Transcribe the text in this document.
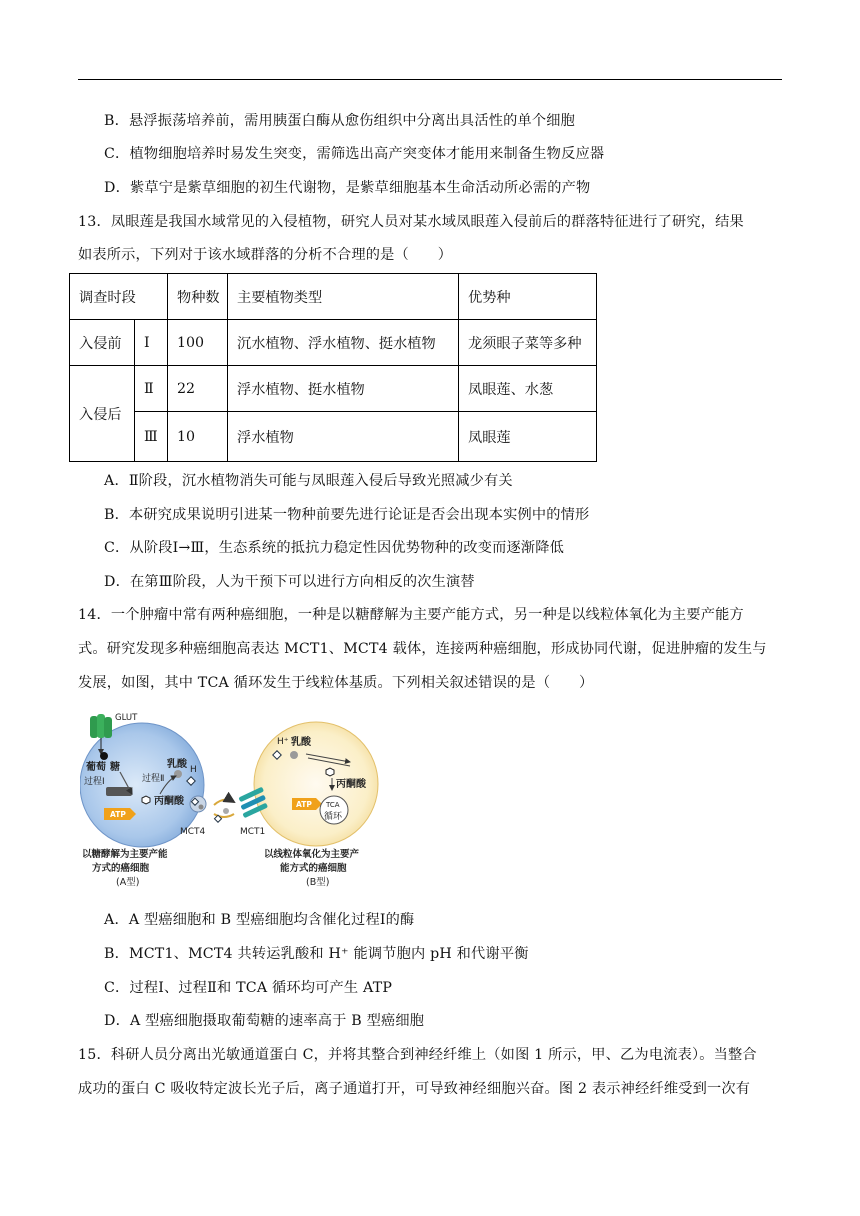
B．悬浮振荡培养前，需用胰蛋白酶从愈伤组织中分离出具活性的单个细胞
C．植物细胞培养时易发生突变，需筛选出高产突变体才能用来制备生物反应器
D．紫草宁是紫草细胞的初生代谢物，是紫草细胞基本生命活动所必需的产物
13．凤眼莲是我国水域常见的入侵植物，研究人员对某水域凤眼莲入侵前后的群落特征进行了研究，结果
如表所示，下列对于该水域群落的分析不合理的是（　　）
调查时段		物种数	主要植物类型	优势种
入侵前	Ⅰ	100	沉水植物、浮水植物、挺水植物	龙须眼子菜等多种
入侵后	Ⅱ	22	浮水植物、挺水植物	凤眼莲、水葱
	Ⅲ	10	浮水植物	凤眼莲
A．Ⅱ阶段，沉水植物消失可能与凤眼莲入侵后导致光照减少有关
B．本研究成果说明引进某一物种前要先进行论证是否会出现本实例中的情形
C．从阶段Ⅰ→Ⅲ，生态系统的抵抗力稳定性因优势物种的改变而逐渐降低
D．在第Ⅲ阶段，人为干预下可以进行方向相反的次生演替
14．一个肿瘤中常有两种癌细胞，一种是以糖酵解为主要产能方式，另一种是以线粒体氧化为主要产能方
式。研究发现多种癌细胞高表达 MCT1、MCT4 载体，连接两种癌细胞，形成协同代谢，促进肿瘤的发生与
发展，如图，其中 TCA 循环发生于线粒体基质。下列相关叙述错误的是（　　）
GLUT
葡萄 糖
过程Ⅰ	过程Ⅱ
乳酸 H
丙酮酸
ATP
MCT4	MCT1
H⁺ 乳酸
丙酮酸
ATP TCA
循环
以糖酵解为主要产能
方式的癌细胞
(A型)
以线粒体氧化为主要产
能方式的癌细胞
(B型)
A．A 型癌细胞和 B 型癌细胞均含催化过程Ⅰ的酶
B．MCT1、MCT4 共转运乳酸和 H⁺ 能调节胞内 pH 和代谢平衡
C．过程Ⅰ、过程Ⅱ和 TCA 循环均可产生 ATP
D．A 型癌细胞摄取葡萄糖的速率高于 B 型癌细胞
15．科研人员分离出光敏通道蛋白 C，并将其整合到神经纤维上（如图 1 所示，甲、乙为电流表）。当整合
成功的蛋白 C 吸收特定波长光子后，离子通道打开，可导致神经细胞兴奋。图 2 表示神经纤维受到一次有
